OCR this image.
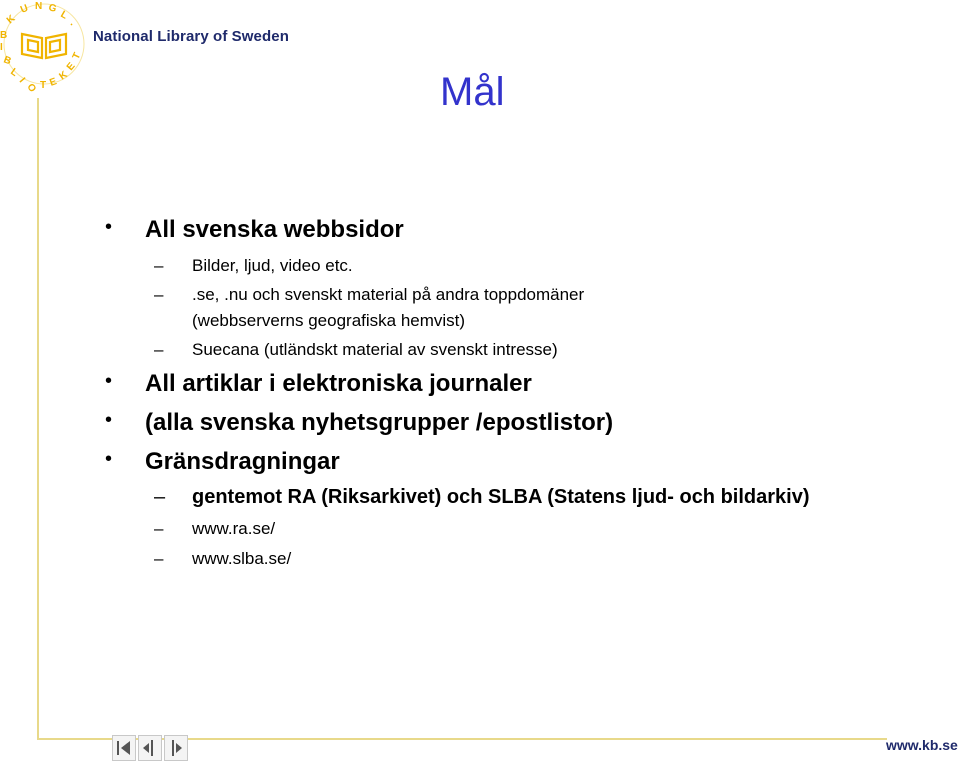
K
U N G
L
.
B
I
B
L
I
O T E
K
E
T
National Library of Sweden
Mål
• All svenska webbsidor
– Bilder, ljud, video etc.
– .se, .nu och svenskt material på andra toppdomäner
(webbserverns geografiska hemvist)
– Suecana (utländskt material av svenskt intresse)
• All artiklar i elektroniska journaler
• (alla svenska nyhetsgrupper /epostlistor)
• Gränsdragningar
– gentemot RA (Riksarkivet) och SLBA (Statens ljud- och bildarkiv)
– www.ra.se/
– www.slba.se/
www.kb.se
